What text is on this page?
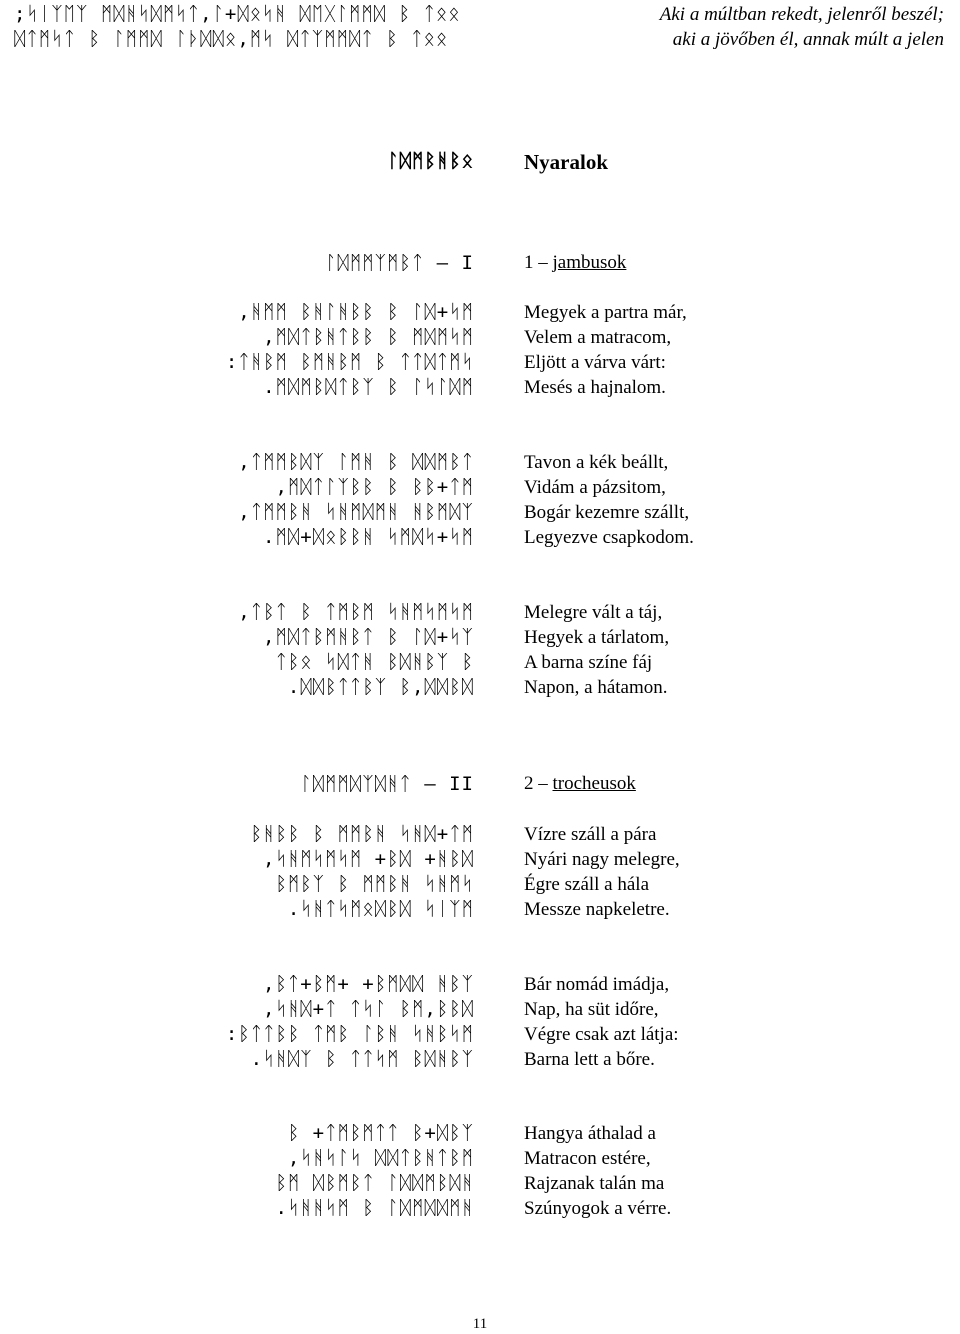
;ᛋᛁᛉᛖᛉ ᛗᛞᚻᛋᛞᛗᛋᛏ,ᛚ+ᛞᛟᛋᚻ ᛞᛖᚷᛚᛗᛗᛞ ᛒ ᛏᛟᛟ
ᛞᛏᛗᛋᛏ ᛒ ᛚᛗᛗᛞ ᛚᚦᛞᛞᛟ,ᛗᛋ ᛞᛏᛉᛗᛗᛞᛏ ᛒ ᛏᛟᛟ
Aki a múltban rekedt, jelenről beszél;
aki a jövőben él, annak múlt a jelen
ᛚᛞᛗᛒᚻᛒᛟ Nyaralok
ᛚᛞᛗᛗᛉᛗᛒᛏ – I	1 – jambusok
,ᚻᛗᛗ ᛒᚻᛚᚻᛒᛒ ᛒ ᛚᛞ+ᛋᛗ
,ᛗᛞᛏᛒᚻᛏᛒᛒ ᛒ ᛗᛞᛗᛋᛗ
:ᛏᚻᛒᛗ ᛒᛗᚻᛒᛗ ᛒ ᛏᛏᛞᛏᛗᛋ
.ᛗᛞᛗᛒᛞᛏᛒᛉ ᛒ ᛚᛋᛚᛞᛗ
Megyek a partra már,
Velem a matracom,
Eljött a várva várt:
Mesés a hajnalom.
,ᛏᛗᛗᛒᛞᛉ ᛚᛗᚻ ᛒ ᛞᛞᛗᛒᛏ
,ᛗᛞᛏᛚᛉᛒᛒ ᛒ ᛒᛒ+ᛏᛗ
,ᛏᛗᛗᛒᚻ ᛋᚻᛗᛞᛗᚻ ᚻᛒᛗᛞᛉ
.ᛗᛞ+ᛞᛟᛒᛒᚻ ᛋᛗᛞᛋ+ᛋᛗ
Tavon a kék beállt,
Vidám a pázsitom,
Bogár kezemre szállt,
Legyezve csapkodom.
,ᛏᛒᛏ ᛒ ᛏᛗᛒᛗ ᛋᚻᛗᛋᛗᛋᛗ
,ᛗᛞᛏᛒᛗᚻᛒᛏ ᛒ ᛚᛞ+ᛋᛉ
ᛏᛒᛟ ᛋᛞᛏᚻ ᛒᛞᚻᛒᛉ ᛒ
.ᛞᛞᛒᛏᛏᛒᛉ ᛒ,ᛞᛞᛒᛞ
Melegre vált a táj,
Hegyek a tárlatom,
A barna színe fáj
Napon, a hátamon.
ᛚᛞᛗᛗᛞᛉᛞᚻᛏ – II	2 – trocheusok
ᛒᚻᛒᛒ ᛒ ᛗᛗᛒᚻ ᛋᚻᛞ+ᛏᛗ
,ᛋᚻᛗᛋᛗᛋᛗ +ᛒᛞ +ᚻᛒᛞ
ᛒᛗᛒᛉ ᛒ ᛗᛗᛒᚻ ᛋᚻᛗᛋ
.ᛋᚻᛏᛋᛗᛟᛞᛒᛞ ᛋᛁᛉᛗ
Vízre száll a pára
Nyári nagy melegre,
Égre száll a hála
Messze napkeletre.
,ᛒᛏ+ᛒᛗ+ +ᛒᛗᛞᛞ ᚻᛒᛉ
,ᛋᚻᛞ+ᛏ ᛏᛋᛚ ᛒᛗ,ᛒᛒᛞ
:ᛒᛏᛏᛒᛒ ᛏᛗᛒ ᛚᛒᚻ ᛋᚻᛒᛋᛗ
.ᛋᚻᛞᛉ ᛒ ᛏᛏᛋᛗ ᛒᛞᚻᛒᛉ
Bár nomád imádja,
Nap, ha süt időre,
Végre csak azt látja:
Barna lett a bőre.
ᛒ +ᛏᛗᛒᛗᛏᛏ ᛒ+ᛞᛒᛉ
,ᛋᚻᛋᛚᛋ ᛞᛞᛏᛒᚻᛏᛒᛗ
ᛒᛗ ᛞᛒᛗᛒᛏ ᛚᛞᛞᛗᛒᛞᚻ
.ᛋᚻᚻᛋᛗ ᛒ ᛚᛞᛗᛞᛞᛗᚻ
Hangya áthalad a
Matracon estére,
Rajzanak talán ma
Szúnyogok a vérre.
11
